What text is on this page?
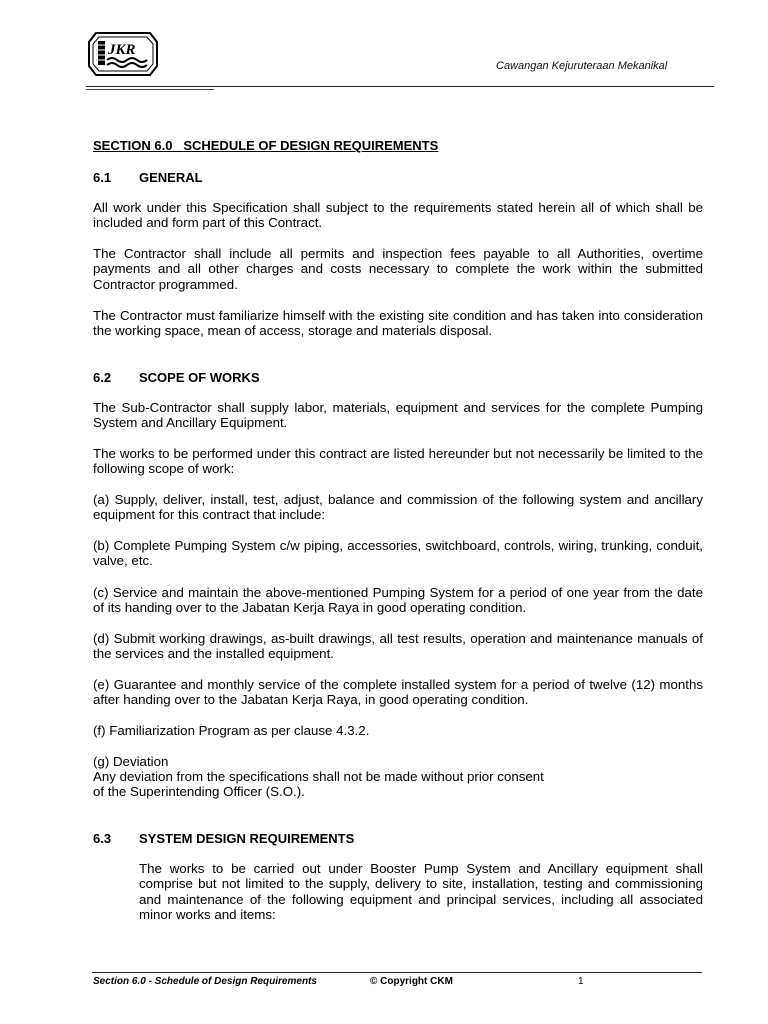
JKR
Cawangan Kejuruteraan Mekanikal
SECTION 6.0 SCHEDULE OF DESIGN REQUIREMENTS
6.1 GENERAL
All work under this Specification shall subject to the requirements stated herein all of which shall be included and form part of this Contract.
The Contractor shall include all permits and inspection fees payable to all Authorities, overtime payments and all other charges and costs necessary to complete the work within the submitted Contractor programmed.
The Contractor must familiarize himself with the existing site condition and has taken into consideration the working space, mean of access, storage and materials disposal.
6.2 SCOPE OF WORKS
The Sub-Contractor shall supply labor, materials, equipment and services for the complete Pumping System and Ancillary Equipment.
The works to be performed under this contract are listed hereunder but not necessarily be limited to the following scope of work:
(a) Supply, deliver, install, test, adjust, balance and commission of the following system and ancillary equipment for this contract that include:
(b) Complete Pumping System c/w piping, accessories, switchboard, controls, wiring, trunking, conduit, valve, etc.
(c) Service and maintain the above-mentioned Pumping System for a period of one year from the date of its handing over to the Jabatan Kerja Raya in good operating condition.
(d) Submit working drawings, as-built drawings, all test results, operation and maintenance manuals of the services and the installed equipment.
(e) Guarantee and monthly service of the complete installed system for a period of twelve (12) months after handing over to the Jabatan Kerja Raya, in good operating condition.
(f) Familiarization Program as per clause 4.3.2.
(g) Deviation
Any deviation from the specifications shall not be made without prior consent
of the Superintending Officer (S.O.).
6.3 SYSTEM DESIGN REQUIREMENTS
The works to be carried out under Booster Pump System and Ancillary equipment shall comprise but not limited to the supply, delivery to site, installation, testing and commissioning and maintenance of the following equipment and principal services, including all associated minor works and items:
Section 6.0 - Schedule of Design Requirements	© Copyright CKM	1
